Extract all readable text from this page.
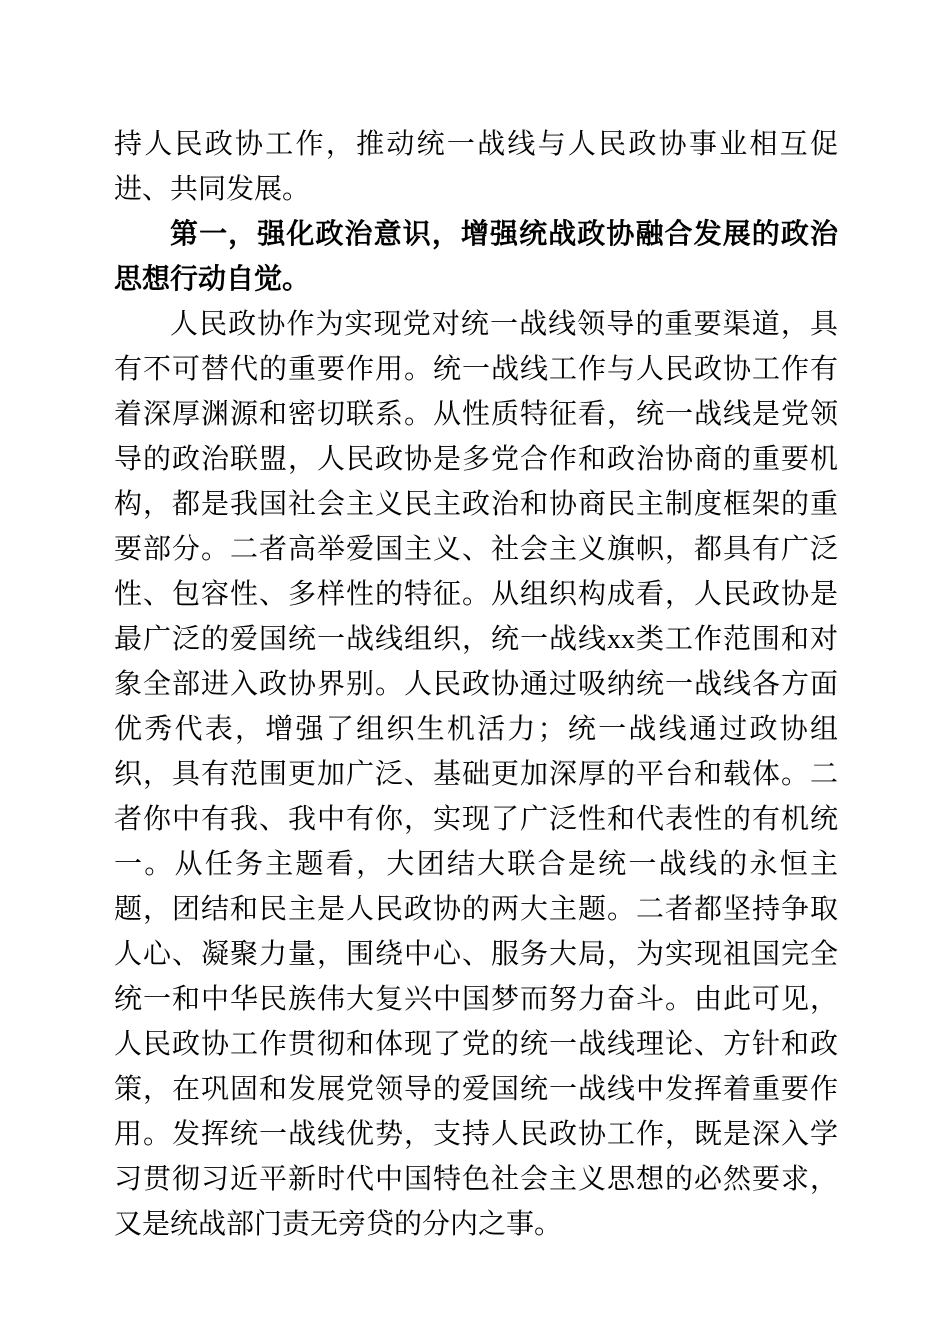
持人民政协工作，推动统一战线与人民政协事业相互促进、共同发展。

第一，强化政治意识，增强统战政协融合发展的政治思想行动自觉。

人民政协作为实现党对统一战线领导的重要渠道，具有不可替代的重要作用。统一战线工作与人民政协工作有着深厚渊源和密切联系。从性质特征看，统一战线是党领导的政治联盟，人民政协是多党合作和政治协商的重要机构，都是我国社会主义民主政治和协商民主制度框架的重要部分。二者高举爱国主义、社会主义旗帜，都具有广泛性、包容性、多样性的特征。从组织构成看，人民政协是最广泛的爱国统一战线组织，统一战线xx类工作范围和对象全部进入政协界别。人民政协通过吸纳统一战线各方面优秀代表，增强了组织生机活力；统一战线通过政协组织，具有范围更加广泛、基础更加深厚的平台和载体。二者你中有我、我中有你，实现了广泛性和代表性的有机统一。从任务主题看，大团结大联合是统一战线的永恒主题，团结和民主是人民政协的两大主题。二者都坚持争取人心、凝聚力量，围绕中心、服务大局，为实现祖国完全统一和中华民族伟大复兴中国梦而努力奋斗。由此可见，人民政协工作贯彻和体现了党的统一战线理论、方针和政策，在巩固和发展党领导的爱国统一战线中发挥着重要作用。发挥统一战线优势，支持人民政协工作，既是深入学习贯彻习近平新时代中国特色社会主义思想的必然要求，又是统战部门责无旁贷的分内之事。
